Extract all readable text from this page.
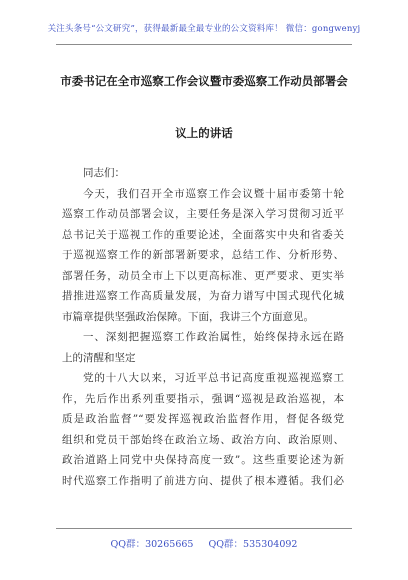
关注头条号“公文研究”，获得最新最全最专业的公文资料库！ 微信：gongwenyj
市委书记在全市巡察工作会议暨市委巡察工作动员部署会
议上的讲话
同志们：
今天，我们召开全市巡察工作会议暨十届市委第十轮
巡察工作动员部署会议，主要任务是深入学习贯彻习近平
总书记关于巡视工作的重要论述，全面落实中央和省委关
于巡视巡察工作的新部署新要求，总结工作、分析形势、
部署任务，动员全市上下以更高标准、更严要求、更实举
措推进巡察工作高质量发展，为奋力谱写中国式现代化城
市篇章提供坚强政治保障。下面，我讲三个方面意见。
一、深刻把握巡察工作政治属性，始终保持永远在路
上的清醒和坚定
党的十八大以来，习近平总书记高度重视巡视巡察工
作，先后作出系列重要指示，强调“巡视是政治巡视，本
质是政治监督”“要发挥巡视政治监督作用，督促各级党
组织和党员干部始终在政治立场、政治方向、政治原则、
政治道路上同党中央保持高度一致”。这些重要论述为新
时代巡察工作指明了前进方向、提供了根本遵循。我们必
QQ群：30265665 QQ群：535304092
